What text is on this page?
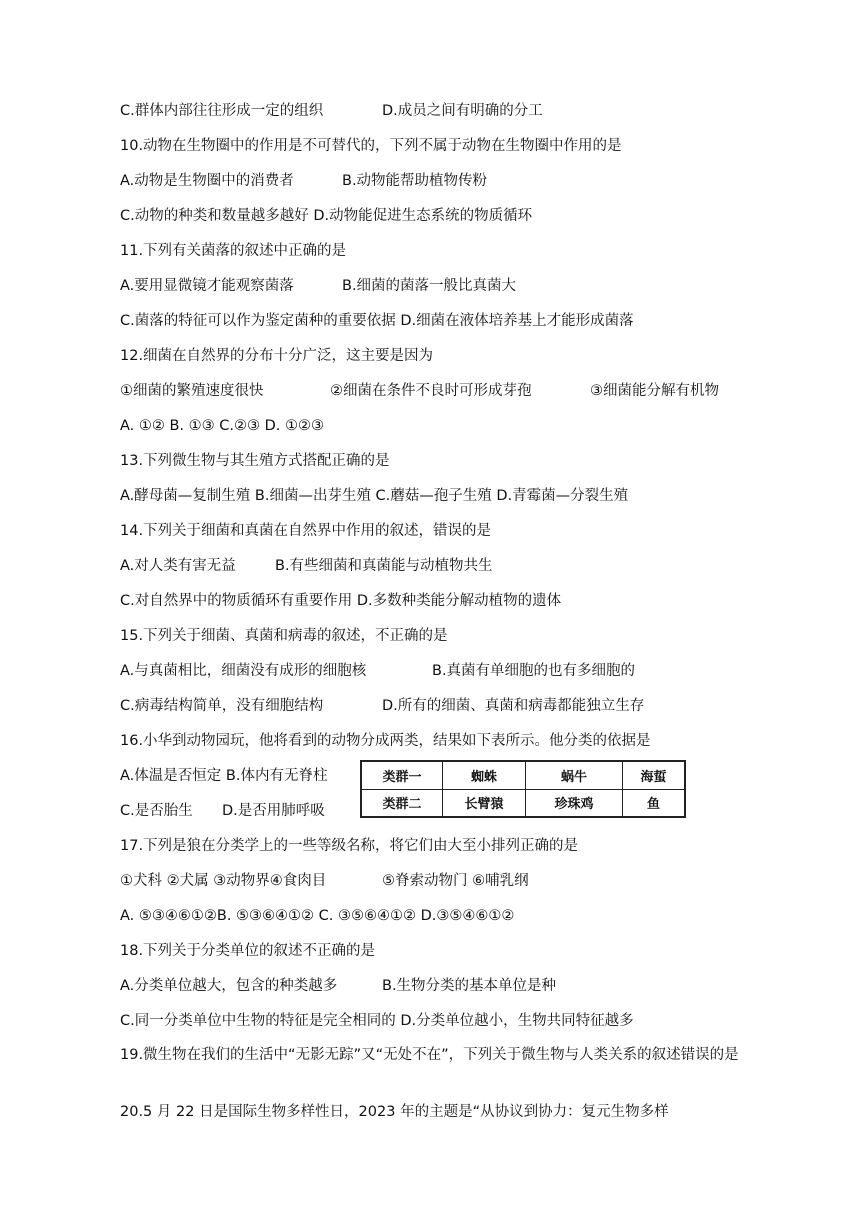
C.群体内部往往形成一定的组织	D.成员之间有明确的分工
10.动物在生物圈中的作用是不可替代的，下列不属于动物在生物圈中作用的是
A.动物是生物圈中的消费者	B.动物能帮助植物传粉
C.动物的种类和数量越多越好 D.动物能促进生态系统的物质循环
11.下列有关菌落的叙述中正确的是
A.要用显微镜才能观察菌落	B.细菌的菌落一般比真菌大
C.菌落的特征可以作为鉴定菌种的重要依据 D.细菌在液体培养基上才能形成菌落
12.细菌在自然界的分布十分广泛，这主要是因为
①细菌的繁殖速度很快	②细菌在条件不良时可形成芽孢	③细菌能分解有机物
A. ①② B. ①③ C.②③ D. ①②③
13.下列微生物与其生殖方式搭配正确的是
A.酵母菌—复制生殖 B.细菌—出芽生殖 C.蘑菇—孢子生殖 D.青霉菌—分裂生殖
14.下列关于细菌和真菌在自然界中作用的叙述，错误的是
A.对人类有害无益	B.有些细菌和真菌能与动植物共生
C.对自然界中的物质循环有重要作用 D.多数种类能分解动植物的遗体
15.下列关于细菌、真菌和病毒的叙述，不正确的是
A.与真菌相比，细菌没有成形的细胞核	B.真菌有单细胞的也有多细胞的
C.病毒结构简单，没有细胞结构	D.所有的细菌、真菌和病毒都能独立生存
16.小华到动物园玩，他将看到的动物分成两类，结果如下表所示。他分类的依据是
A.体温是否恒定 B.体内有无脊柱
C.是否胎生 D.是否用肺呼吸
类群一	蜘蛛	蜗牛	海蜇
类群二	长臂猿	珍珠鸡	鱼
17.下列是狼在分类学上的一些等级名称，将它们由大至小排列正确的是
①犬科 ②犬属 ③动物界④食肉目	⑤脊索动物门 ⑥哺乳纲
A. ⑤③④⑥①②B. ⑤③⑥④①② C. ③⑤⑥④①② D.③⑤④⑥①②
18.下列关于分类单位的叙述不正确的是
A.分类单位越大，包含的种类越多	B.生物分类的基本单位是种
C.同一分类单位中生物的特征是完全相同的 D.分类单位越小，生物共同特征越多
19.微生物在我们的生活中“无影无踪”又“无处不在”，下列关于微生物与人类关系的叙述错误的是
20.5 月 22 日是国际生物多样性日，2023 年的主题是“从协议到协力：复元生物多样
